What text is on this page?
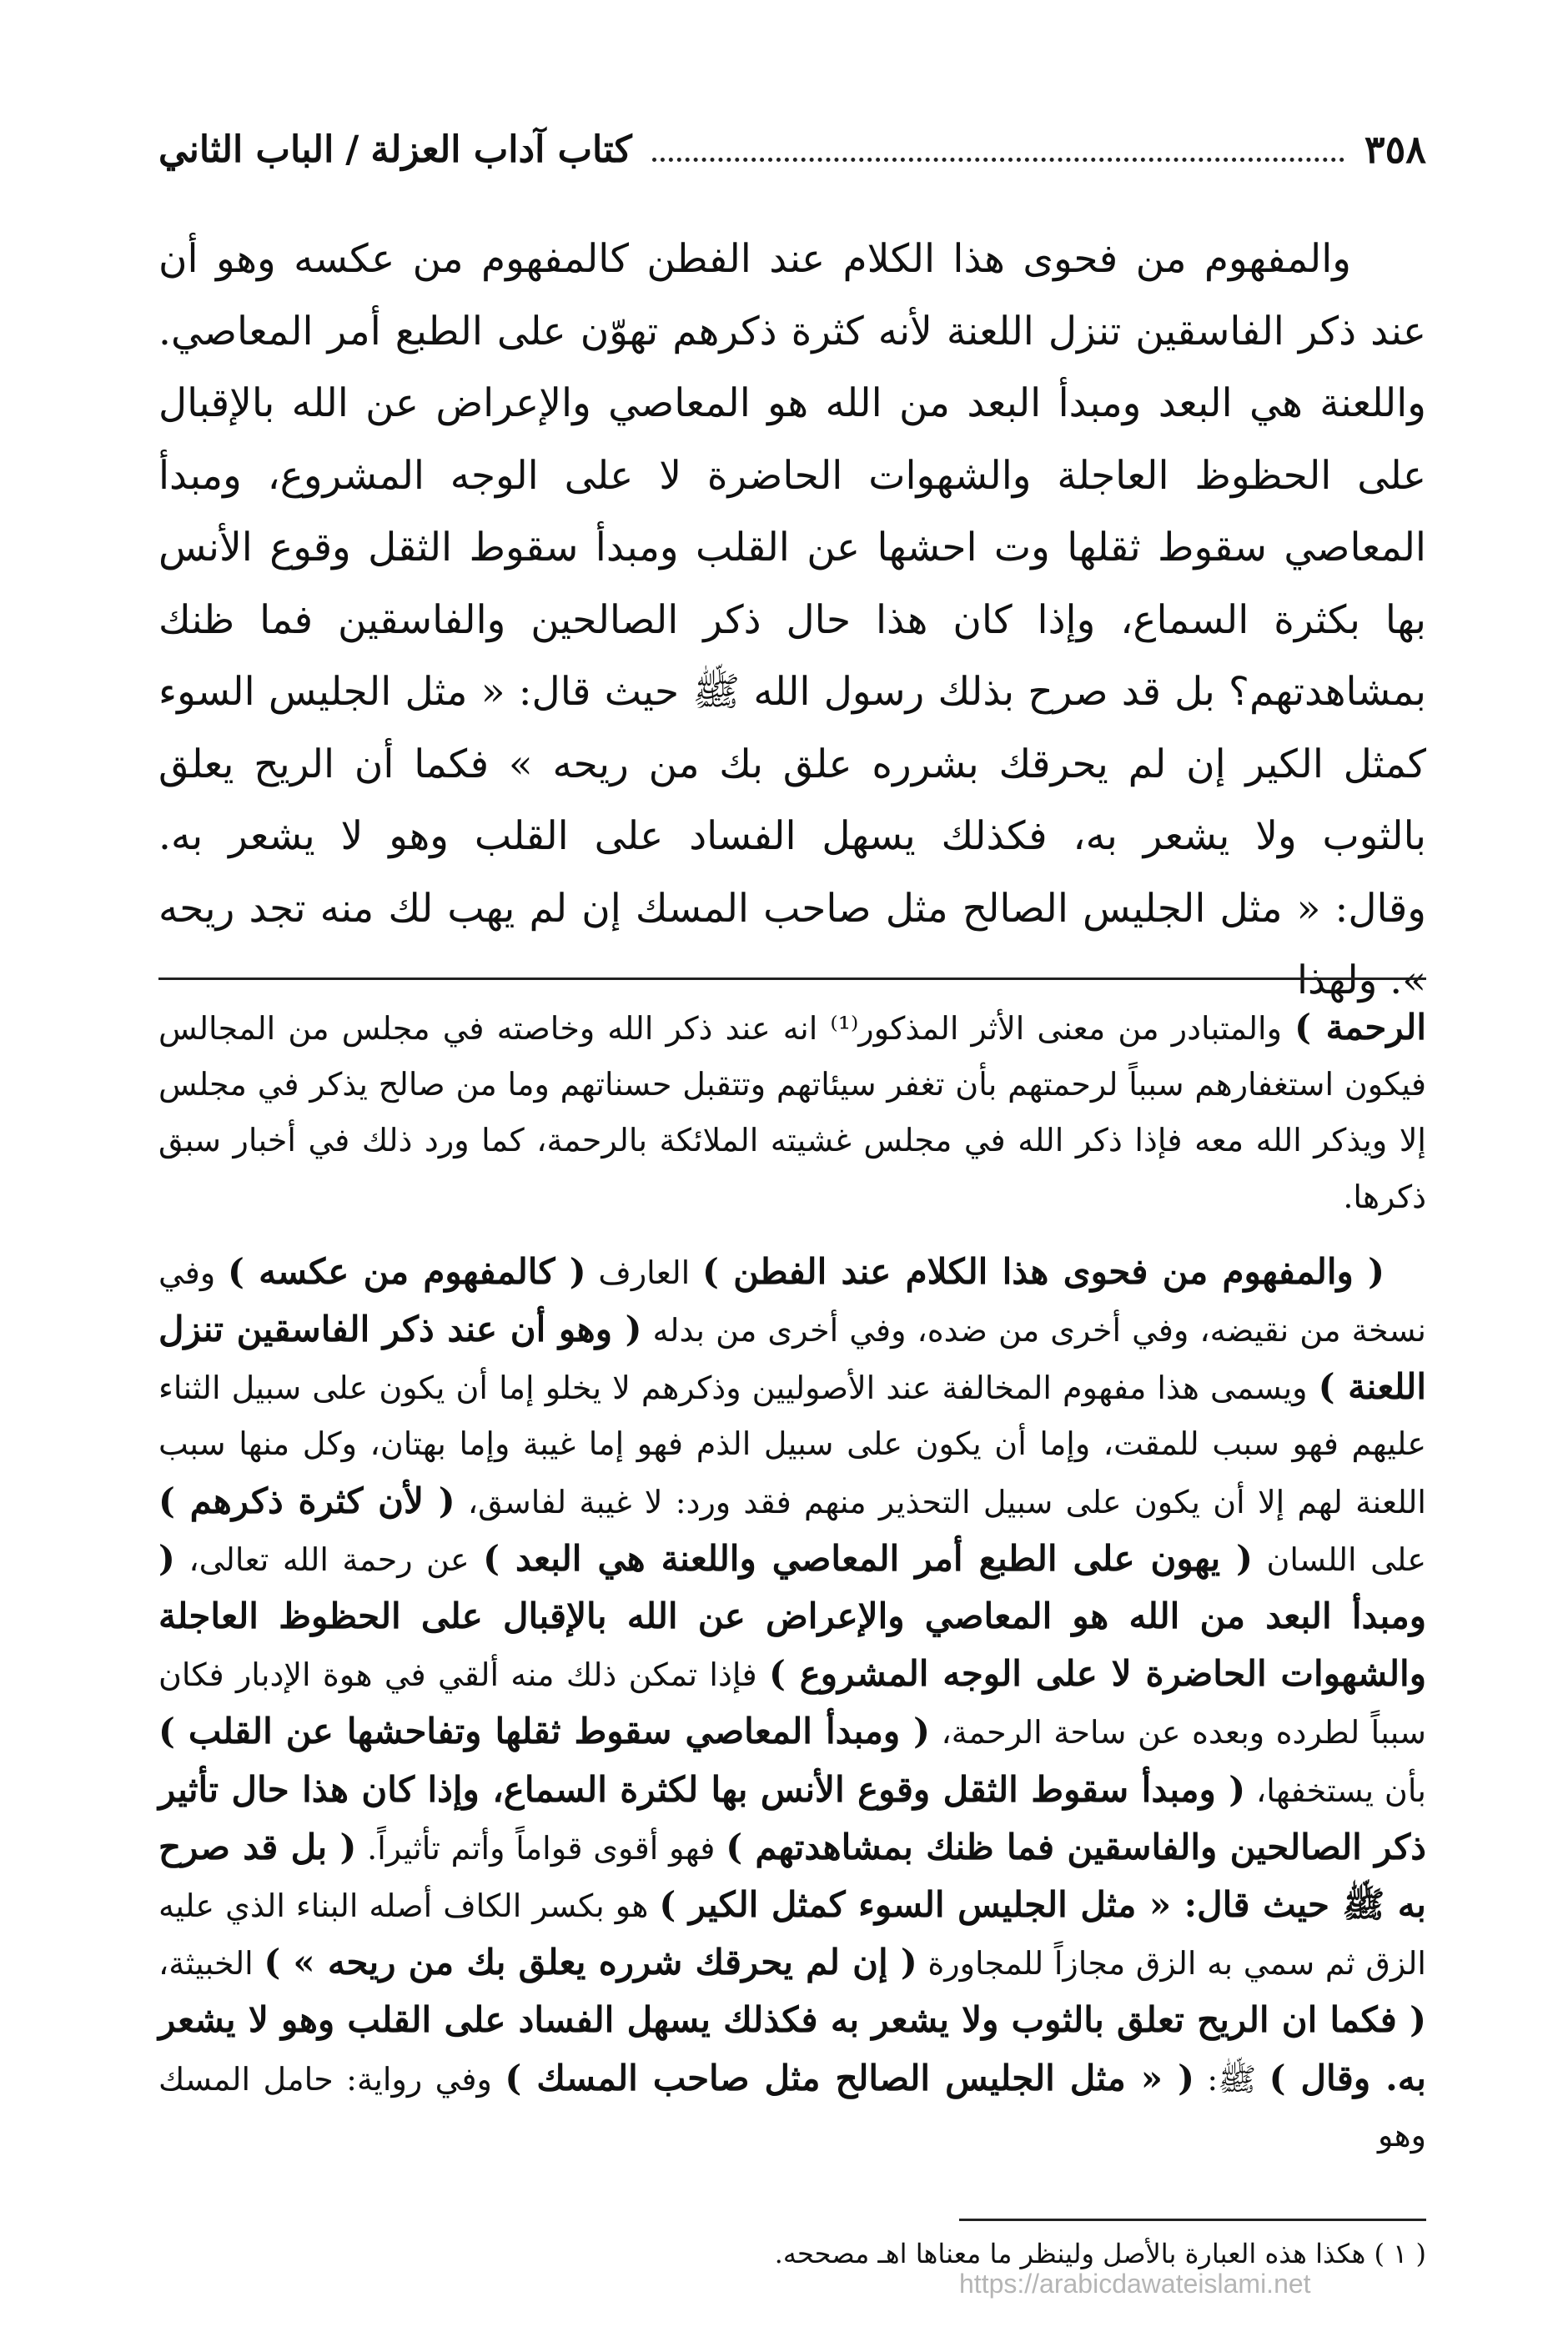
٣٥٨
كتاب آداب العزلة
/
الباب الثاني

والمفهوم من فحوى هذا الكلام عند الفطن كالمفهوم من عكسه وهو أن عند ذكر الفاسقين تنزل اللعنة لأنه كثرة ذكرهم تهوّن على الطبع أمر المعاصي. واللعنة هي البعد ومبدأ البعد من الله هو المعاصي والإعراض عن الله بالإقبال على الحظوظ العاجلة والشهوات الحاضرة لا على الوجه المشروع، ومبدأ المعاصي سقوط ثقلها وت احشها عن القلب ومبدأ سقوط الثقل وقوع الأنس بها بكثرة السماع، وإذا كان هذا حال ذكر الصالحين والفاسقين فما ظنك بمشاهدتهم؟ بل قد صرح بذلك رسول الله ﷺ حيث قال: « مثل الجليس السوء كمثل الكير إن لم يحرقك بشرره علق بك من ريحه » فكما أن الريح يعلق بالثوب ولا يشعر به، فكذلك يسهل الفساد على القلب وهو لا يشعر به.

وقال: « مثل الجليس الصالح مثل صاحب المسك إن لم يهب لك منه تجد ريحه ». ولهذا

الرحمة ) والمتبادر من معنى الأثر المذكور⁽¹⁾ انه عند ذكر الله وخاصته في مجلس من المجالس فيكون استغفارهم سبباً لرحمتهم بأن تغفر سيئاتهم وتتقبل حسناتهم وما من صالح يذكر في مجلس إلا ويذكر الله معه فإذا ذكر الله في مجلس غشيته الملائكة بالرحمة، كما ورد ذلك في أخبار سبق ذكرها.

( والمفهوم من فحوى هذا الكلام عند الفطن ) العارف ( كالمفهوم من عكسه ) وفي نسخة من نقيضه، وفي أخرى من ضده، وفي أخرى من بدله ( وهو أن عند ذكر الفاسقين تنزل اللعنة ) ويسمى هذا مفهوم المخالفة عند الأصوليين وذكرهم لا يخلو إما أن يكون على سبيل الثناء عليهم فهو سبب للمقت، وإما أن يكون على سبيل الذم فهو إما غيبة وإما بهتان، وكل منها سبب اللعنة لهم إلا أن يكون على سبيل التحذير منهم فقد ورد: لا غيبة لفاسق، ( لأن كثرة ذكرهم ) على اللسان ( يهون على الطبع أمر المعاصي واللعنة هي البعد ) عن رحمة الله تعالى، ( ومبدأ البعد من الله هو المعاصي والإعراض عن الله بالإقبال على الحظوظ العاجلة والشهوات الحاضرة لا على الوجه المشروع ) فإذا تمكن ذلك منه ألقي في هوة الإدبار فكان سبباً لطرده وبعده عن ساحة الرحمة، ( ومبدأ المعاصي سقوط ثقلها وتفاحشها عن القلب ) بأن يستخفها، ( ومبدأ سقوط الثقل وقوع الأنس بها لكثرة السماع، وإذا كان هذا حال تأثير ذكر الصالحين والفاسقين فما ظنك بمشاهدتهم ) فهو أقوى قواماً وأتم تأثيراً. ( بل قد صرح به ﷺ حيث قال: « مثل الجليس السوء كمثل الكير ) هو بكسر الكاف أصله البناء الذي عليه الزق ثم سمي به الزق مجازاً للمجاورة ( إن لم يحرقك شرره يعلق بك من ريحه » ) الخبيثة، ( فكما ان الريح تعلق بالثوب ولا يشعر به فكذلك يسهل الفساد على القلب وهو لا يشعر به. وقال ) ﷺ: ( « مثل الجليس الصالح مثل صاحب المسك ) وفي رواية: حامل المسك وهو

( ١ ) هكذا هذه العبارة بالأصل ولينظر ما معناها اهـ مصححه.
https://arabicdawateislami.net
